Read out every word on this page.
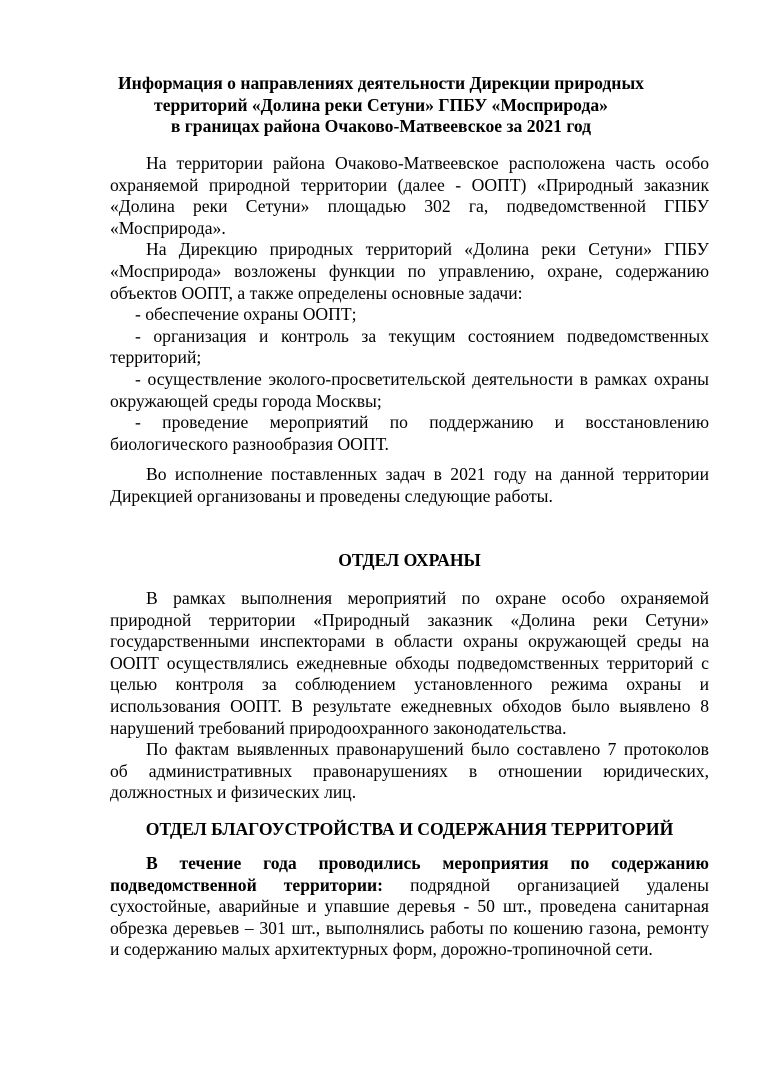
Информация о направлениях деятельности Дирекции природных
территорий «Долина реки Сетуни» ГПБУ «Мосприрода»
в границах района Очаково-Матвеевское за 2021 год

На территории района Очаково-Матвеевское расположена часть особо охраняемой природной территории (далее - ООПТ) «Природный заказник «Долина реки Сетуни» площадью 302 га, подведомственной ГПБУ «Мосприрода».

На Дирекцию природных территорий «Долина реки Сетуни» ГПБУ «Мосприрода» возложены функции по управлению, охране, содержанию объектов ООПТ, а также определены основные задачи:

- обеспечение охраны ООПТ;

- организация и контроль за текущим состоянием подведомственных территорий;

- осуществление эколого-просветительской деятельности в рамках охраны окружающей среды города Москвы;

- проведение мероприятий по поддержанию и восстановлению биологического разнообразия ООПТ.

Во исполнение поставленных задач в 2021 году на данной территории Дирекцией организованы и проведены следующие работы.

ОТДЕЛ ОХРАНЫ

В рамках выполнения мероприятий по охране особо охраняемой природной территории «Природный заказник «Долина реки Сетуни» государственными инспекторами в области охраны окружающей среды на ООПТ осуществлялись ежедневные обходы подведомственных территорий с целью контроля за соблюдением установленного режима охраны и использования ООПТ. В результате ежедневных обходов было выявлено 8 нарушений требований природоохранного законодательства.

По фактам выявленных правонарушений было составлено 7 протоколов об административных правонарушениях в отношении юридических, должностных и физических лиц.

ОТДЕЛ БЛАГОУСТРОЙСТВА И СОДЕРЖАНИЯ ТЕРРИТОРИЙ

В течение года проводились мероприятия по содержанию подведомственной территории: подрядной организацией удалены сухостойные, аварийные и упавшие деревья - 50 шт., проведена санитарная обрезка деревьев – 301 шт., выполнялись работы по кошению газона, ремонту и содержанию малых архитектурных форм, дорожно-тропиночной сети.
